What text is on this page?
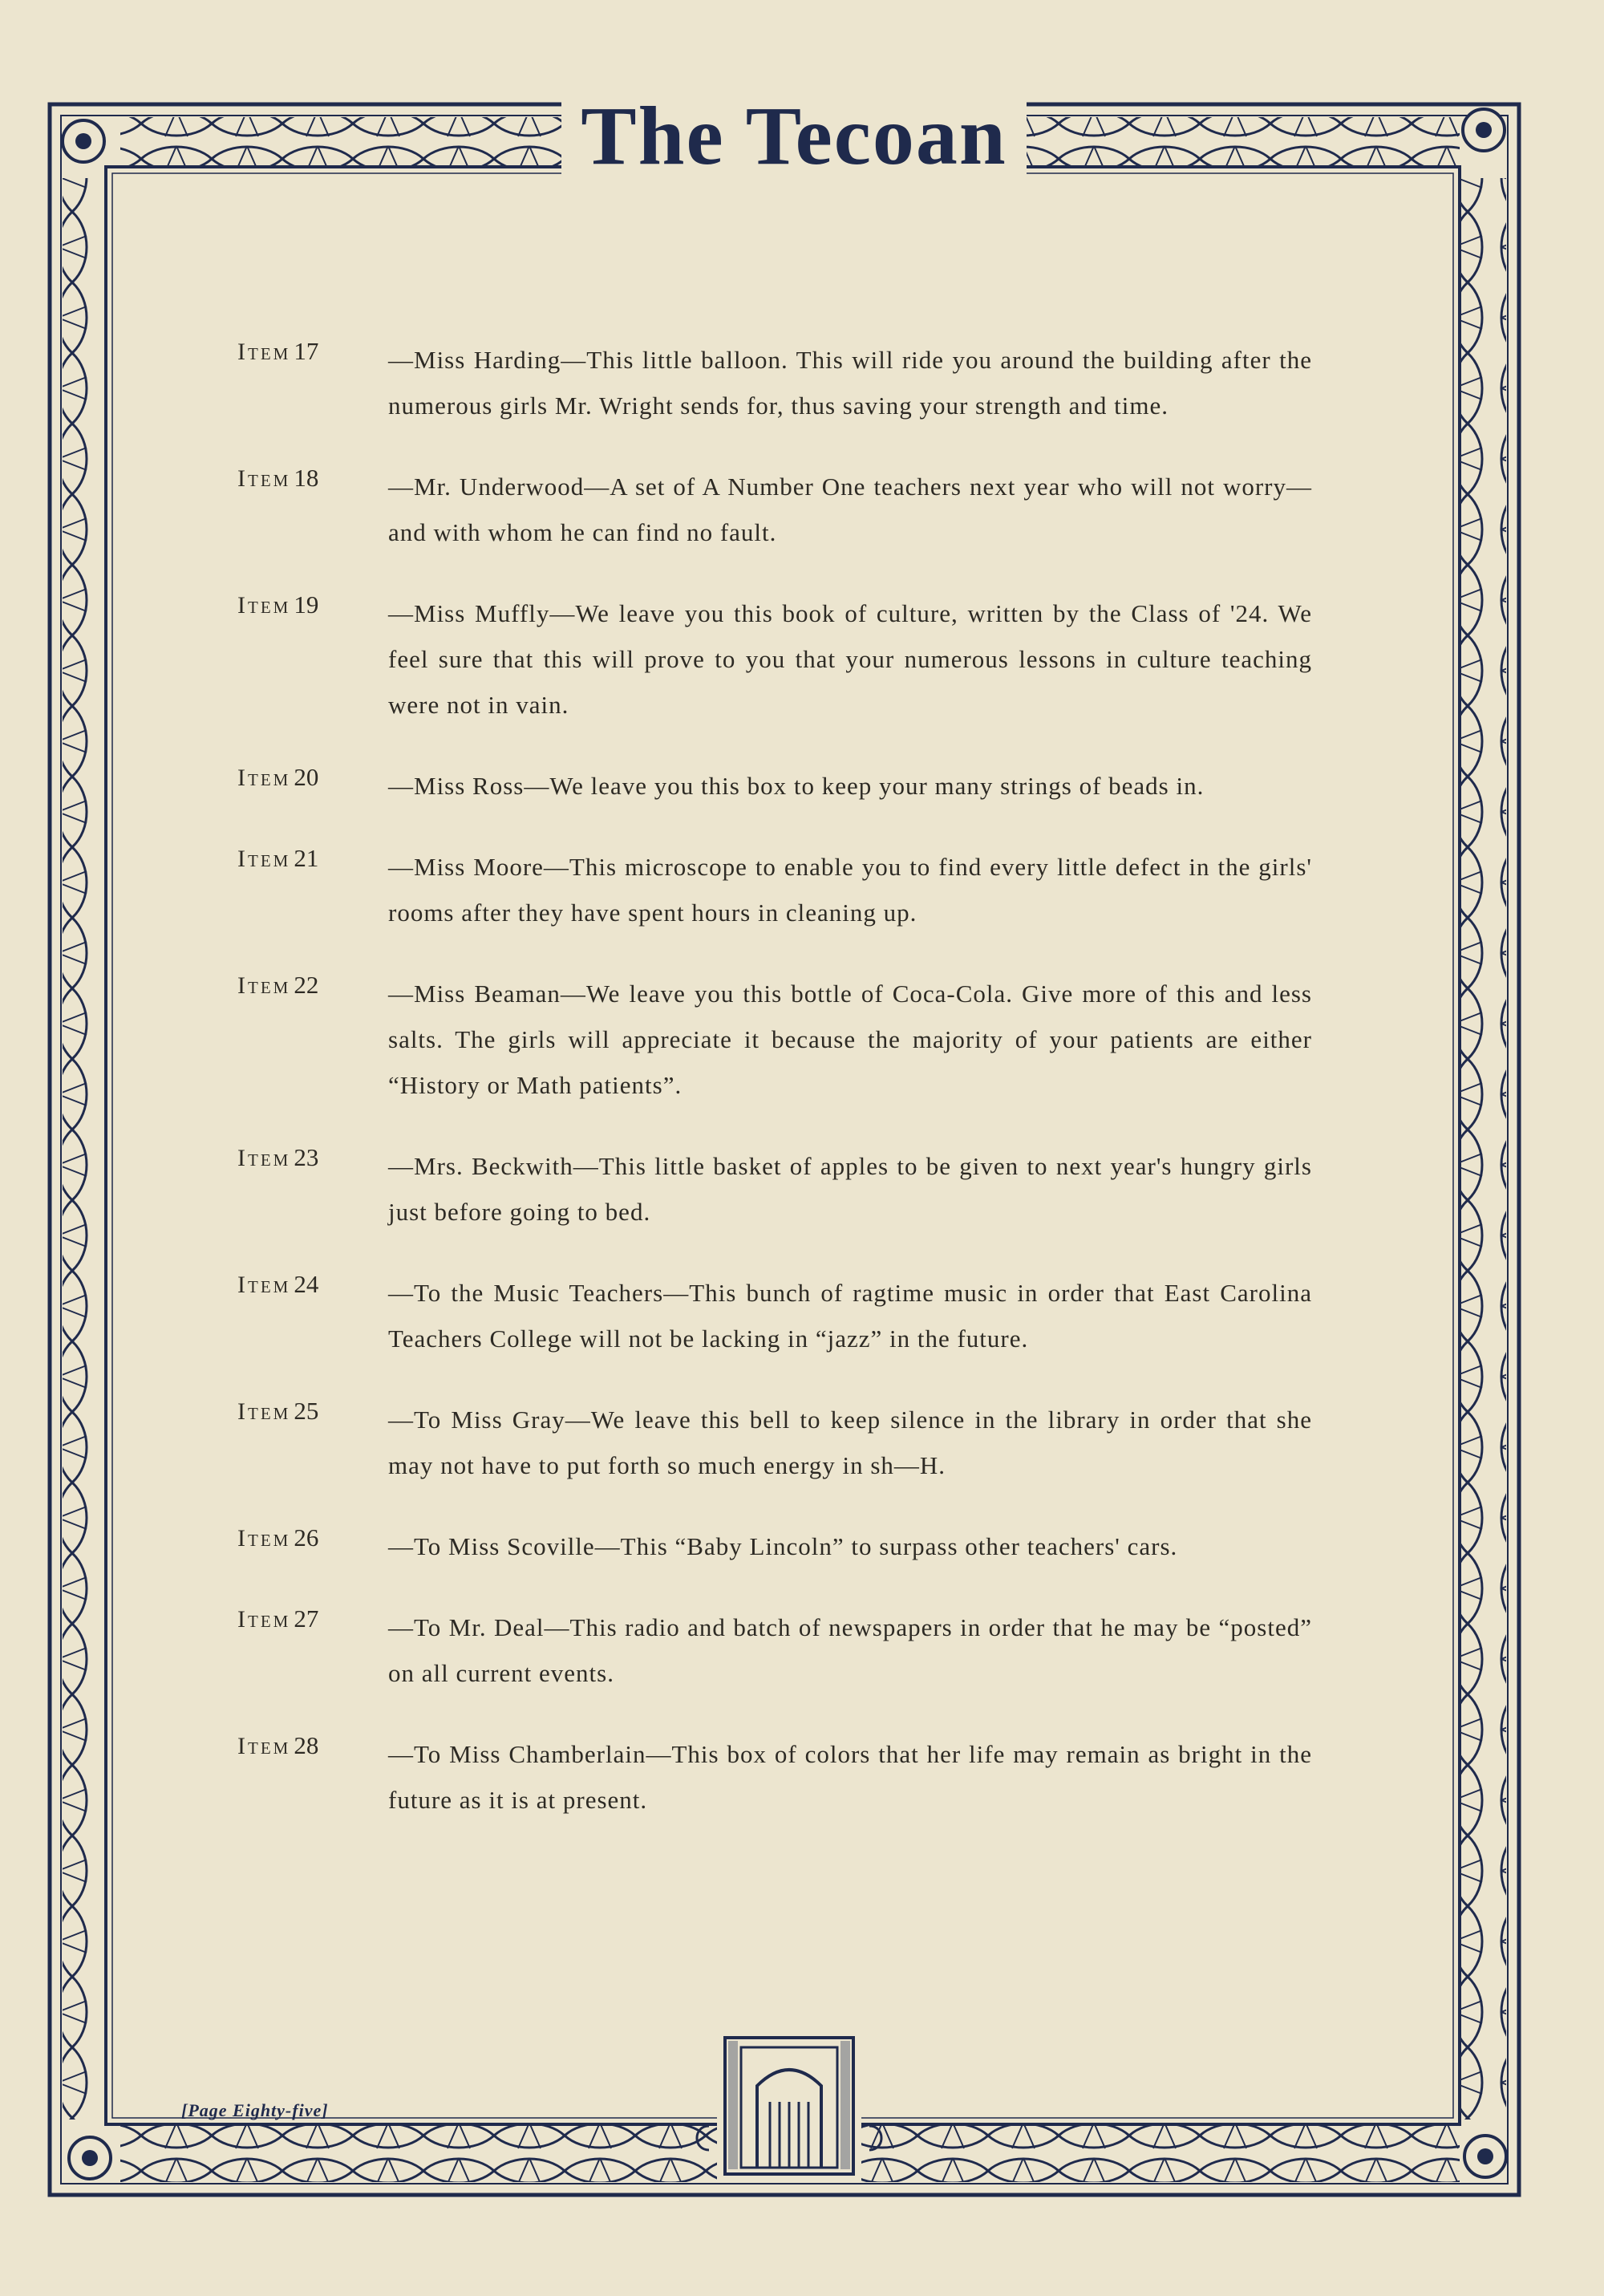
The Tecoan
Item 17	—Miss Harding—This little balloon. This will ride you around the building after the numerous girls Mr. Wright sends for, thus saving your strength and time.
Item 18	—Mr. Underwood—A set of A Number One teachers next year who will not worry—and with whom he can find no fault.
Item 19	—Miss Muffly—We leave you this book of culture, written by the Class of '24. We feel sure that this will prove to you that your numerous lessons in culture teaching were not in vain.
Item 20	—Miss Ross—We leave you this box to keep your many strings of beads in.
Item 21	—Miss Moore—This microscope to enable you to find every little defect in the girls' rooms after they have spent hours in cleaning up.
Item 22	—Miss Beaman—We leave you this bottle of Coca-Cola. Give more of this and less salts. The girls will appreciate it because the majority of your patients are either “History or Math patients”.
Item 23	—Mrs. Beckwith—This little basket of apples to be given to next year's hungry girls just before going to bed.
Item 24	—To the Music Teachers—This bunch of ragtime music in order that East Carolina Teachers College will not be lacking in “jazz” in the future.
Item 25	—To Miss Gray—We leave this bell to keep silence in the library in order that she may not have to put forth so much energy in sh—H.
Item 26	—To Miss Scoville—This “Baby Lincoln” to surpass other teachers' cars.
Item 27	—To Mr. Deal—This radio and batch of newspapers in order that he may be “posted” on all current events.
Item 28	—To Miss Chamberlain—This box of colors that her life may remain as bright in the future as it is at present.
[Page Eighty-five]
